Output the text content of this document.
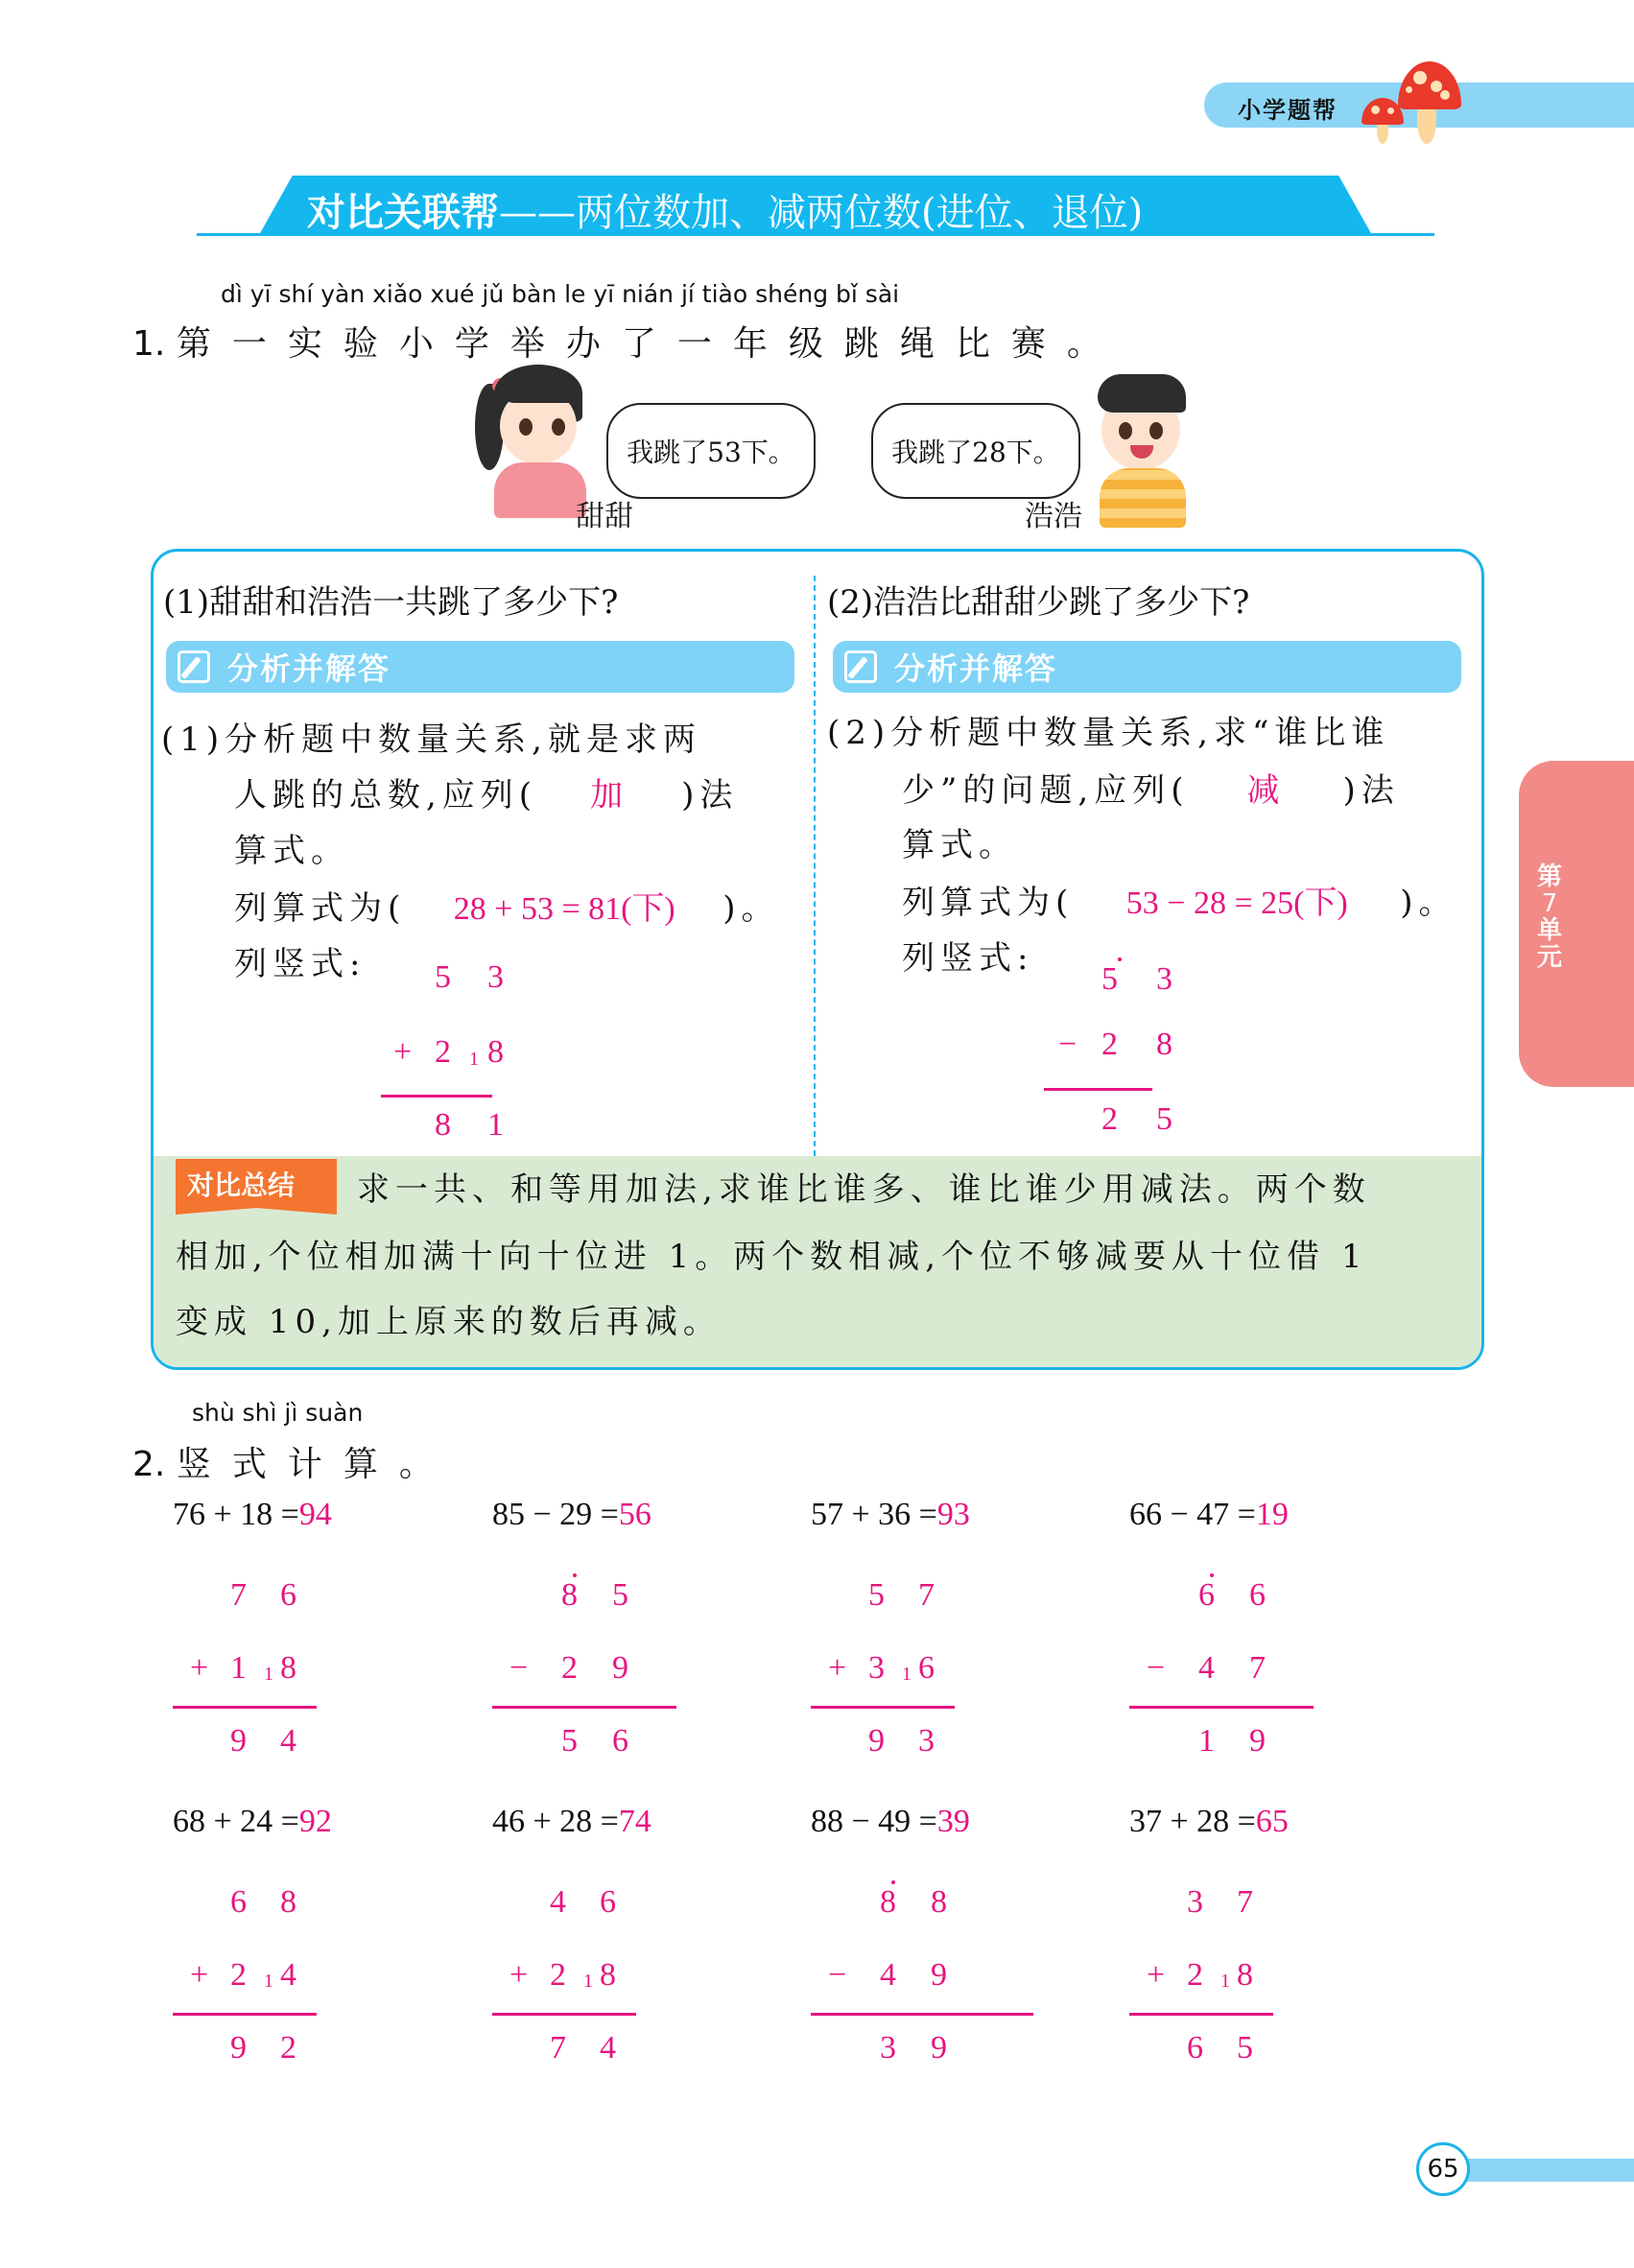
小学题帮
对比关联帮——两位数加、减两位数(进位、退位)
dì yī shí yàn xiǎo xué jǔ bàn le yī nián jí tiào shéng bǐ sài
1. 第一实验小学举办了一年级跳绳比赛。
甜甜
我跳了53下。	我跳了28下。
浩浩
(1)甜甜和浩浩一共跳了多少下?
分析并解答
(1)分析题中数量关系,就是求两
人跳的总数,应列( 加 )法
算式。
列算式为( 28 + 53 = 81(下) )。
列竖式: 5 3
+ 2 1 8
8 1
(2)浩浩比甜甜少跳了多少下?
分析并解答
(2)分析题中数量关系,求“谁比谁
少”的问题,应列( 减 )法
算式。
列算式为( 53 − 28 = 25(下) )。
列竖式:
5 3
− 2 8
2 5
对比总结 求一共、和等用加法,求谁比谁多、谁比谁少用减法。两个数
相加,个位相加满十向十位进 1。两个数相减,个位不够减要从十位借 1
变成 10,加上原来的数后再减。
第
7
单
元
shù shì jì suàn
2. 竖式计算。
76 + 18 =94
7 6
+ 1 1 8
9 4
85 − 29 =56
8 5
− 2 9
5 6
57 + 36 =93
5 7
+ 3 1 6
9 3
66 − 47 =19
6 6
− 4 7
1 9
68 + 24 =92
6 8
+ 2 1 4
9 2
46 + 28 =74
4 6
+ 2 1 8
7 4
88 − 49 =39
8 8
− 4 9
3 9
37 + 28 =65
3 7
+ 2 1 8
6 5
65
